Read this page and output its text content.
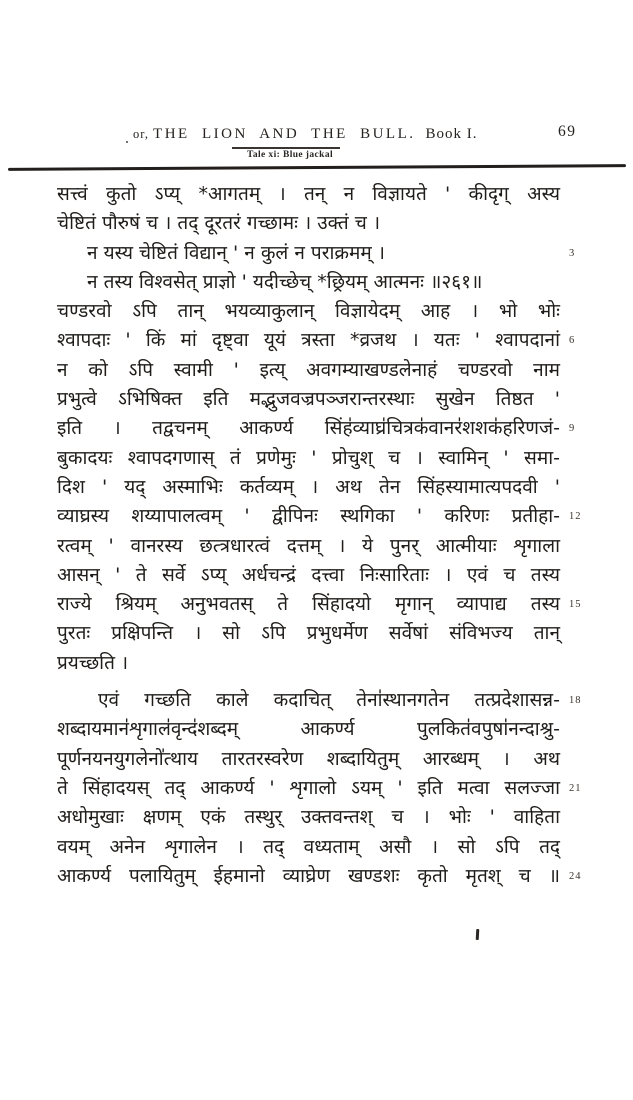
or, THE LION AND THE BULL. Book I.	69
Tale xi: Blue jackal
सत्त्वं कुतो ऽप्य् *आगतम् । तन् न विज्ञायते ' कीदृग् अस्य
चेष्टितं पौरुषं च । तद् दूरतरं गच्छामः । उक्तं च ।
न यस्य चेष्टितं विद्यान् ' न कुलं न पराक्रमम् ।	3
न तस्य विश्वसेत् प्राज्ञो ' यदीच्छेच् *छ्रियम् आत्मनः ॥२६१॥
चण्डरवो ऽपि तान् भयव्याकुलान् विज्ञायेदम् आह । भो भोः
श्वापदाः ' किं मां दृष्ट्वा यूयं त्रस्ता *व्रजथ । यतः ' श्वापदानां 6
न को ऽपि स्वामी ' इत्य् अवगम्याखण्डलेनाहं चण्डरवो नाम
प्रभुत्वे ऽभिषिक्त इति मद्भुजवज्रपञ्जरान्तरस्थाः सुखेन तिष्ठत '
इति । तद्वचनम् आकर्ण्य सिंह॑व्याघ्र॑चित्रक॑वानर॑शशक॑हरिणजं- 9
बुकादयः श्वापदगणास् तं प्रणेमुः ' प्रोचुश् च । स्वामिन् ' समा-
दिश ' यद् अस्माभिः कर्तव्यम् । अथ तेन सिंहस्यामात्यपदवी '
व्याघ्रस्य शय्यापालत्वम् ' द्वीपिनः स्थगिका ' करिणः प्रतीहा- 12
रत्वम् ' वानरस्य छत्त्रधारत्वं दत्तम् । ये पुनर् आत्मीयाः शृगाला
आसन् ' ते सर्वे ऽप्य् अर्धचन्द्रं दत्त्वा निःसारिताः । एवं च तस्य
राज्ये श्रियम् अनुभवतस् ते सिंहादयो मृगान् व्यापाद्य तस्य 15
पुरतः प्रक्षिपन्ति । सो ऽपि प्रभुधर्मेण सर्वेषां संविभज्य तान्
प्रयच्छति ।
एवं गच्छति काले कदाचित् तेना॑स्थानगतेन तत्प्रदेशासन्न- 18
शब्दायमान॑शृगाल॑वृन्द॑शब्दम् आकर्ण्य पुलकित॑वपुषा॑नन्दाश्रु-
पूर्णनयनयुगलेनो॑त्थाय तारतरस्वरेण शब्दायितुम् आरब्धम् । अथ
ते सिंहादयस् तद् आकर्ण्य ' शृगालो ऽयम् ' इति मत्वा सलज्जा 21
अधोमुखाः क्षणम् एकं तस्थुर् उक्तवन्तश् च । भोः ' वाहिता
वयम् अनेन शृगालेन । तद् वध्यताम् असौ । सो ऽपि तद्
आकर्ण्य पलायितुम् ईहमानो व्याघ्रेण खण्डशः कृतो मृतश् च ॥ 24
